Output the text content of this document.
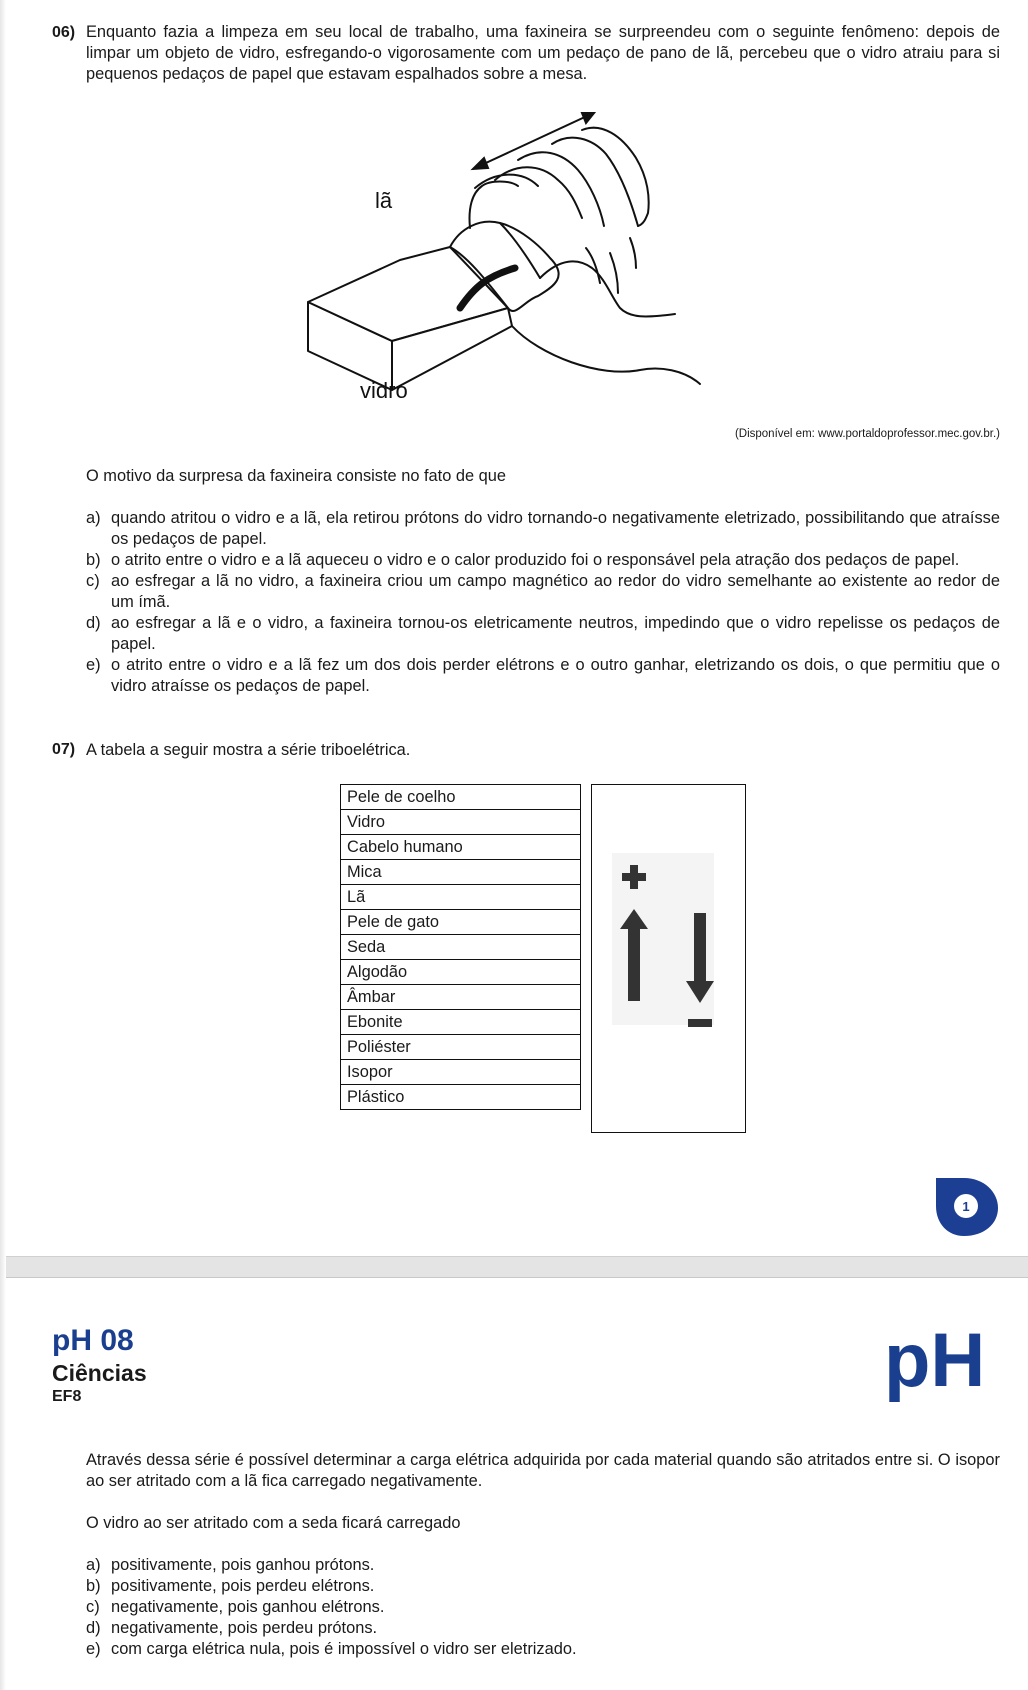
06) Enquanto fazia a limpeza em seu local de trabalho, uma faxineira se surpreendeu com o seguinte fenômeno: depois de limpar um objeto de vidro, esfregando-o vigorosamente com um pedaço de pano de lã, percebeu que o vidro atraiu para si pequenos pedaços de papel que estavam espalhados sobre a mesa.
lã
vidro
(Disponível em: www.portaldoprofessor.mec.gov.br.)
O motivo da surpresa da faxineira consiste no fato de que
a) quando atritou o vidro e a lã, ela retirou prótons do vidro tornando-o negativamente eletrizado, possibilitando que atraísse os pedaços de papel.
b) o atrito entre o vidro e a lã aqueceu o vidro e o calor produzido foi o responsável pela atração dos pedaços de papel.
c) ao esfregar a lã no vidro, a faxineira criou um campo magnético ao redor do vidro semelhante ao existente ao redor de um ímã.
d) ao esfregar a lã e o vidro, a faxineira tornou-os eletricamente neutros, impedindo que o vidro repelisse os pedaços de papel.
e) o atrito entre o vidro e a lã fez um dos dois perder elétrons e o outro ganhar, eletrizando os dois, o que permitiu que o vidro atraísse os pedaços de papel.
07) A tabela a seguir mostra a série triboelétrica.
Pele de coelho
Vidro
Cabelo humano
Mica
Lã
Pele de gato
Seda
Algodão
Âmbar
Ebonite
Poliéster
Isopor
Plástico
1
pH 08
Ciências
EF8	pH
Através dessa série é possível determinar a carga elétrica adquirida por cada material quando são atritados entre si. O isopor ao ser atritado com a lã fica carregado negativamente.
O vidro ao ser atritado com a seda ficará carregado
a) positivamente, pois ganhou prótons.
b) positivamente, pois perdeu elétrons.
c) negativamente, pois ganhou elétrons.
d) negativamente, pois perdeu prótons.
e) com carga elétrica nula, pois é impossível o vidro ser eletrizado.
